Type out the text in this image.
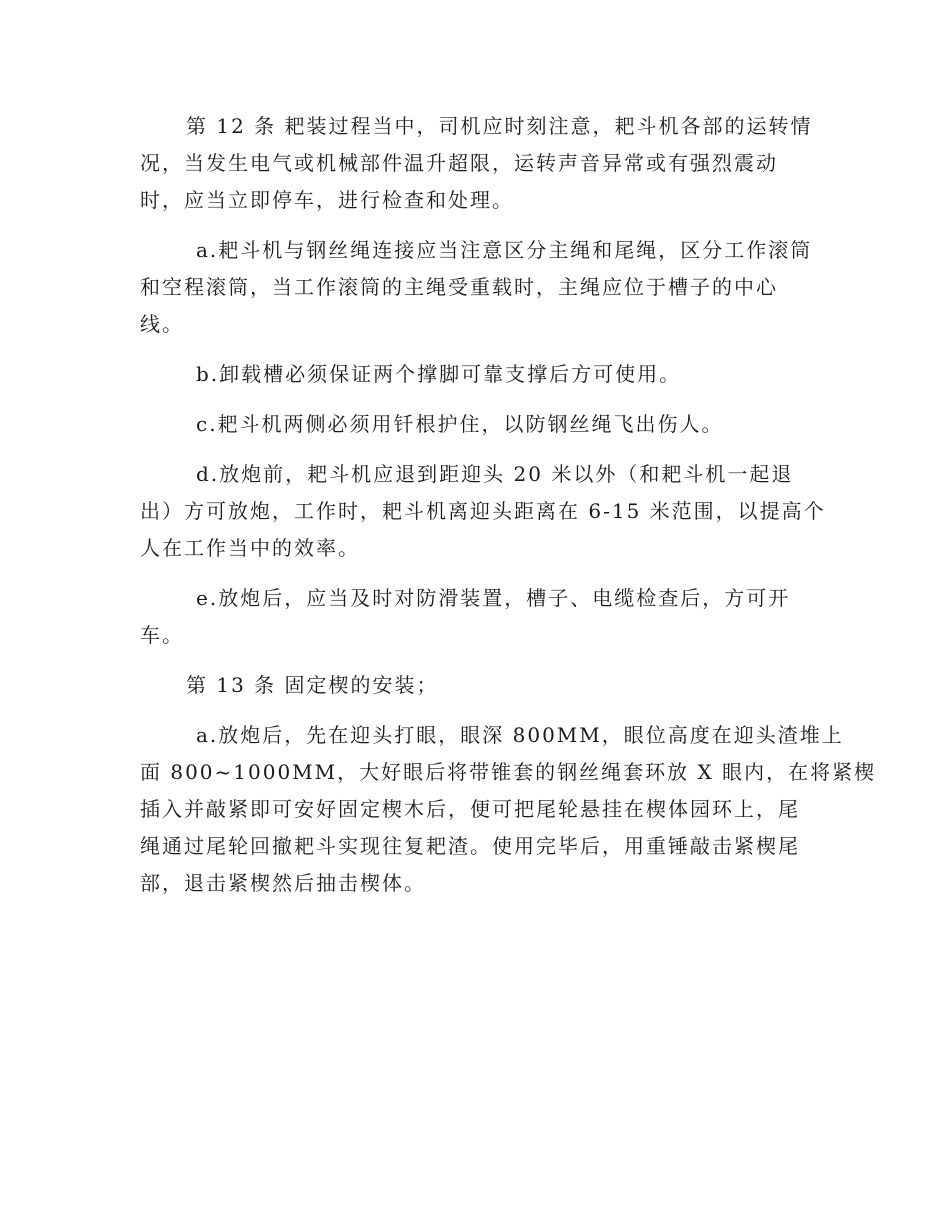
第 12 条 耙装过程当中，司机应时刻注意，耙斗机各部的运转情
况，当发生电气或机械部件温升超限，运转声音异常或有强烈震动
时，应当立即停车，进行检查和处理。

a.耙斗机与钢丝绳连接应当注意区分主绳和尾绳，区分工作滚筒
和空程滚筒，当工作滚筒的主绳受重载时，主绳应位于槽子的中心
线。

b.卸载槽必须保证两个撑脚可靠支撑后方可使用。

c.耙斗机两侧必须用钎根护住，以防钢丝绳飞出伤人。

d.放炮前，耙斗机应退到距迎头 20 米以外（和耙斗机一起退
出）方可放炮，工作时，耙斗机离迎头距离在 6-15 米范围，以提高个
人在工作当中的效率。

e.放炮后，应当及时对防滑装置，槽子、电缆检查后，方可开
车。

第 13 条 固定楔的安装；

a.放炮后，先在迎头打眼，眼深 800MM，眼位高度在迎头渣堆上
面 800~1000MM，大好眼后将带锥套的钢丝绳套环放 X 眼内，在将紧楔
插入并敲紧即可安好固定楔木后，便可把尾轮悬挂在楔体园环上，尾
绳通过尾轮回撤耙斗实现往复耙渣。使用完毕后，用重锤敲击紧楔尾
部，退击紧楔然后抽击楔体。
